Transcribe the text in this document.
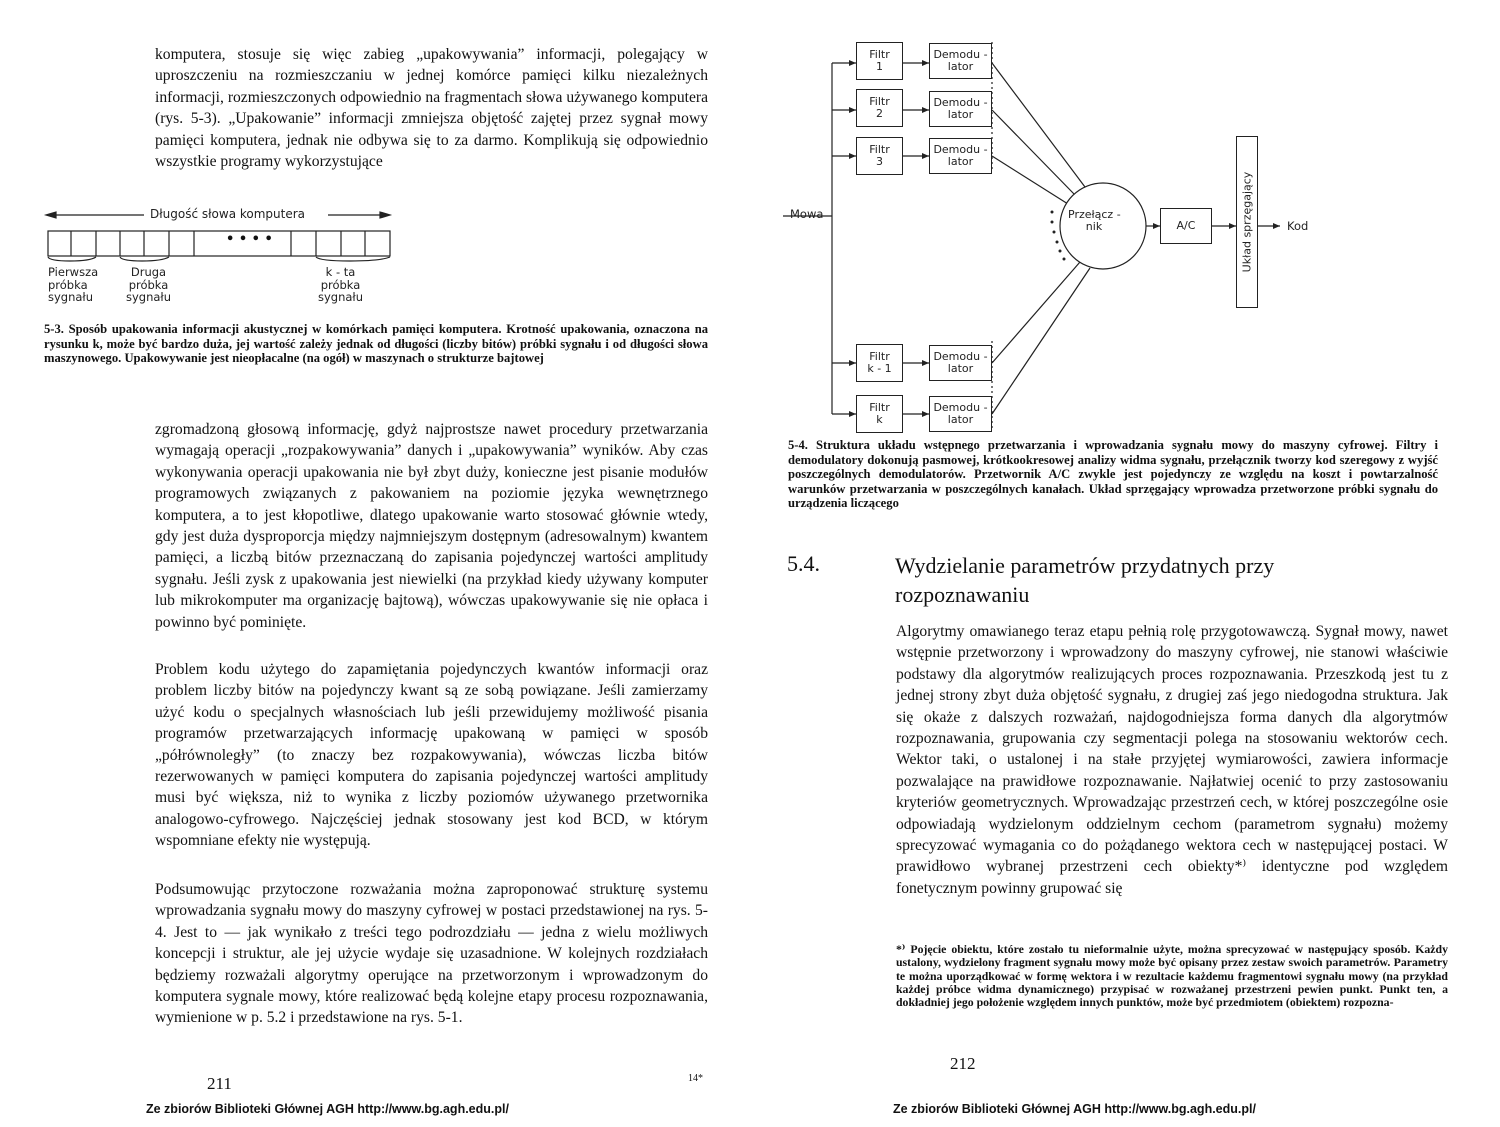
komputera, stosuje się więc zabieg „upakowywania” informacji, polegający w uproszczeniu na rozmieszczaniu w jednej komórce pamięci kilku niezależnych informacji, rozmieszczonych odpowiednio na fragmentach słowa używanego komputera (rys. 5-3). „Upakowanie” informacji zmniejsza objętość zajętej przez sygnał mowy pamięci komputera, jednak nie odbywa się to za darmo. Komplikują się odpowiednio wszystkie programy wykorzystujące
Długość słowa komputera
• • • •
Pierwsza
próbka
sygnału
Druga
próbka
sygnału
k - ta
próbka
sygnału
5-3. Sposób upakowania informacji akustycznej w komórkach pamięci komputera. Krotność upakowania, oznaczona na rysunku k, może być bardzo duża, jej wartość zależy jednak od długości (liczby bitów) próbki sygnału i od długości słowa maszynowego. Upakowywanie jest nieopłacalne (na ogół) w maszynach o strukturze bajtowej
zgromadzoną głosową informację, gdyż najprostsze nawet procedury przetwarzania wymagają operacji „rozpakowywania” danych i „upakowywania” wyników. Aby czas wykonywania operacji upakowania nie był zbyt duży, konieczne jest pisanie modułów programowych związanych z pakowaniem na poziomie języka wewnętrznego komputera, a to jest kłopotliwe, dlatego upakowanie warto stosować głównie wtedy, gdy jest duża dysproporcja między najmniejszym dostępnym (adresowalnym) kwantem pamięci, a liczbą bitów przeznaczaną do zapisania pojedynczej wartości amplitudy sygnału. Jeśli zysk z upakowania jest niewielki (na przykład kiedy używany komputer lub mikrokomputer ma organizację bajtową), wówczas upakowywanie się nie opłaca i powinno być pominięte.
Problem kodu użytego do zapamiętania pojedynczych kwantów informacji oraz problem liczby bitów na pojedynczy kwant są ze sobą powiązane. Jeśli zamierzamy użyć kodu o specjalnych własnościach lub jeśli przewidujemy możliwość pisania programów przetwarzających informację upakowaną w pamięci w sposób „półrównoległy” (to znaczy bez rozpakowywania), wówczas liczba bitów rezerwowanych w pamięci komputera do zapisania pojedynczej wartości amplitudy musi być większa, niż to wynika z liczby poziomów używanego przetwornika analogowo-cyfrowego. Najczęściej jednak stosowany jest kod BCD, w którym wspomniane efekty nie występują.
Podsumowując przytoczone rozważania można zaproponować strukturę systemu wprowadzania sygnału mowy do maszyny cyfrowej w postaci przedstawionej na rys. 5-4. Jest to — jak wynikało z treści tego podrozdziału — jedna z wielu możliwych koncepcji i struktur, ale jej użycie wydaje się uzasadnione. W kolejnych rozdziałach będziemy rozważali algorytmy operujące na przetworzonym i wprowadzonym do komputera sygnale mowy, które realizować będą kolejne etapy procesu rozpoznawania, wymienione w p. 5.2 i przedstawione na rys. 5-1.
211	14*
Ze zbiorów Biblioteki Głównej AGH http://www.bg.agh.edu.pl/
Mowa
Filtr
1
Filtr
2
Filtr
3
Filtr
k - 1
Filtr
k
Demodu -
lator
Demodu -
lator
Demodu -
lator
Demodu -
lator
Demodu -
lator
Przełącz -
nik	A/C	Układ sprzęgający	Kod
5-4. Struktura układu wstępnego przetwarzania i wprowadzania sygnału mowy do maszyny cyfrowej. Filtry i demodulatory dokonują pasmowej, krótkookresowej analizy widma sygnału, przełącznik tworzy kod szeregowy z wyjść poszczególnych demodulatorów. Przetwornik A/C zwykle jest pojedynczy ze względu na koszt i powtarzalność warunków przetwarzania w poszczególnych kanałach. Układ sprzęgający wprowadza przetworzone próbki sygnału do urządzenia liczącego
5.4.	Wydzielanie parametrów przydatnych przy rozpoznawaniu
Algorytmy omawianego teraz etapu pełnią rolę przygotowawczą. Sygnał mowy, nawet wstępnie przetworzony i wprowadzony do maszyny cyfrowej, nie stanowi właściwie podstawy dla algorytmów realizujących proces rozpoznawania. Przeszkodą jest tu z jednej strony zbyt duża objętość sygnału, z drugiej zaś jego niedogodna struktura. Jak się okaże z dalszych rozważań, najdogodniejsza forma danych dla algorytmów rozpoznawania, grupowania czy segmentacji polega na stosowaniu wektorów cech. Wektor taki, o ustalonej i na stałe przyjętej wymiarowości, zawiera informacje pozwalające na prawidłowe rozpoznawanie. Najłatwiej ocenić to przy zastosowaniu kryteriów geometrycznych. Wprowadzając przestrzeń cech, w której poszczególne osie odpowiadają wydzielonym oddzielnym cechom (parametrom sygnału) możemy sprecyzować wymagania co do pożądanego wektora cech w następującej postaci. W prawidłowo wybranej przestrzeni cech obiekty*⁾ identyczne pod względem fonetycznym powinny grupować się
*⁾ Pojęcie obiektu, które zostało tu nieformalnie użyte, można sprecyzować w następujący sposób. Każdy ustalony, wydzielony fragment sygnału mowy może być opisany przez zestaw swoich parametrów. Parametry te można uporządkować w formę wektora i w rezultacie każdemu fragmentowi sygnału mowy (na przykład każdej próbce widma dynamicznego) przypisać w rozważanej przestrzeni pewien punkt. Punkt ten, a dokładniej jego położenie względem innych punktów, może być przedmiotem (obiektem) rozpozna-
212
Ze zbiorów Biblioteki Głównej AGH http://www.bg.agh.edu.pl/
